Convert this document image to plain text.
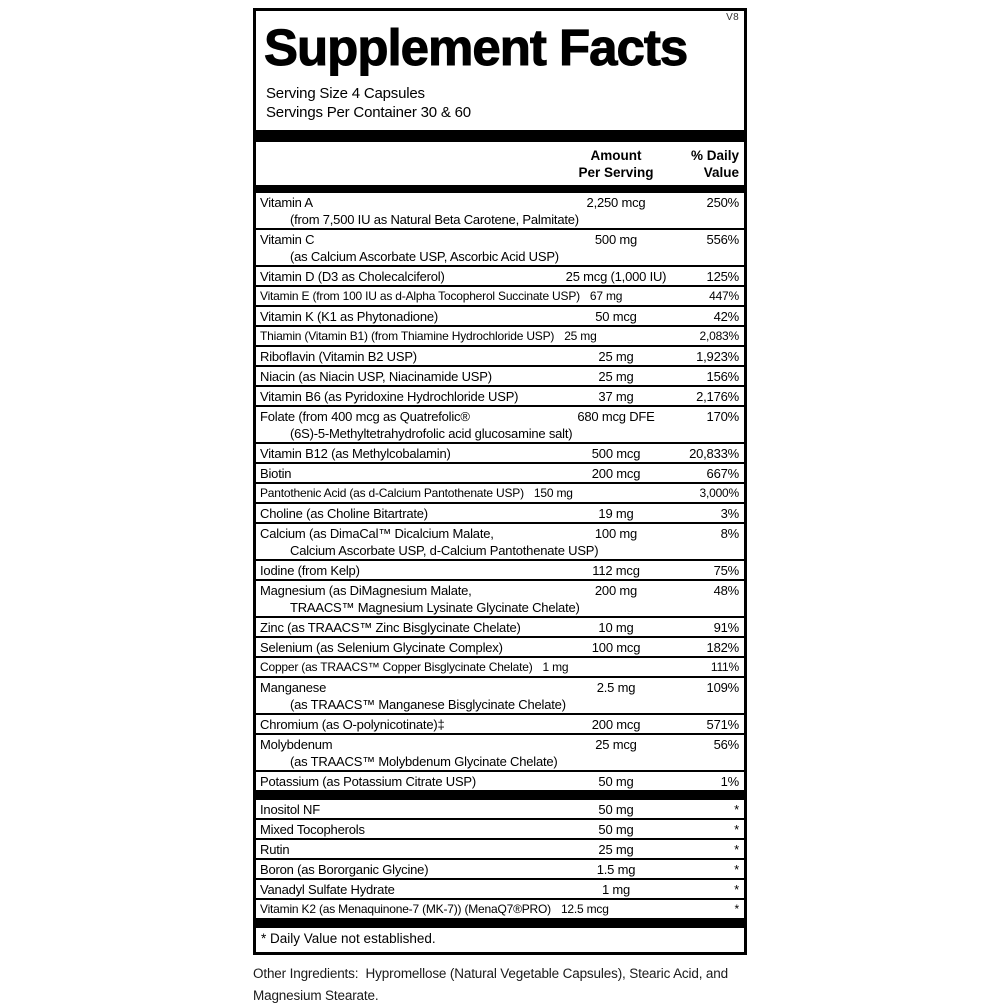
V8
Supplement Facts
Serving Size 4 Capsules
Servings Per Container 30 & 60
Amount
Per Serving
% Daily
Value
Vitamin A	2,250 mcg	250%
(from 7,500 IU as Natural Beta Carotene, Palmitate)
Vitamin C	500 mg	556%
(as Calcium Ascorbate USP, Ascorbic Acid USP)
Vitamin D (D3 as Cholecalciferol)	25 mcg (1,000 IU)	125%
Vitamin E (from 100 IU as d-Alpha Tocopherol Succinate USP) 67 mg	447%
Vitamin K (K1 as Phytonadione)	50 mcg	42%
Thiamin (Vitamin B1) (from Thiamine Hydrochloride USP) 25 mg	2,083%
Riboflavin (Vitamin B2 USP)	25 mg	1,923%
Niacin (as Niacin USP, Niacinamide USP)	25 mg	156%
Vitamin B6 (as Pyridoxine Hydrochloride USP)	37 mg	2,176%
Folate (from 400 mcg as Quatrefolic®	680 mcg DFE	170%
(6S)-5-Methyltetrahydrofolic acid glucosamine salt)
Vitamin B12 (as Methylcobalamin)	500 mcg	20,833%
Biotin	200 mcg	667%
Pantothenic Acid (as d-Calcium Pantothenate USP) 150 mg	3,000%
Choline (as Choline Bitartrate)	19 mg	3%
Calcium (as DimaCal™ Dicalcium Malate,	100 mg	8%
Calcium Ascorbate USP, d-Calcium Pantothenate USP)
Iodine (from Kelp)	112 mcg	75%
Magnesium (as DiMagnesium Malate,	200 mg	48%
TRAACS™ Magnesium Lysinate Glycinate Chelate)
Zinc (as TRAACS™ Zinc Bisglycinate Chelate)	10 mg	91%
Selenium (as Selenium Glycinate Complex)	100 mcg	182%
Copper (as TRAACS™ Copper Bisglycinate Chelate) 1 mg	111%
Manganese	2.5 mg	109%
(as TRAACS™ Manganese Bisglycinate Chelate)
Chromium (as O-polynicotinate)‡	200 mcg	571%
Molybdenum	25 mcg	56%
(as TRAACS™ Molybdenum Glycinate Chelate)
Potassium (as Potassium Citrate USP)	50 mg	1%
Inositol NF	50 mg	*
Mixed Tocopherols	50 mg	*
Rutin	25 mg	*
Boron (as Bororganic Glycine)	1.5 mg	*
Vanadyl Sulfate Hydrate	1 mg	*
Vitamin K2 (as Menaquinone-7 (MK-7)) (MenaQ7®PRO) 12.5 mcg	*
* Daily Value not established.
Other Ingredients:  Hypromellose (Natural Vegetable Capsules), Stearic Acid, and
Magnesium Stearate.
